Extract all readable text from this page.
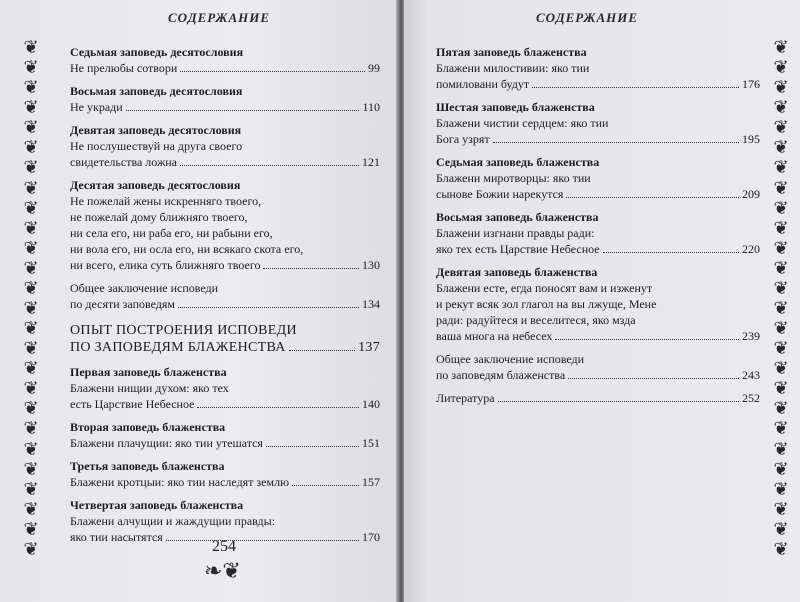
СОДЕРЖАНИЕ
❦
❦
❦
❦
❦
❦
❦
❦
❦
❦
❦
❦
❦
❦
❦
❦
❦
❦
❦
❦
❦
❦
❦
❦
❦
❦
Седьмая заповедь десятословия
Не прелюбы сотвори	99
Восьмая заповедь десятословия
Не укради	110
Девятая заповедь десятословия
Не послушествуй на друга своего
свидетельства ложна	121
Десятая заповедь десятословия
Не пожелай жены искренняго твоего,
не пожелай дому ближняго твоего,
ни села его, ни раба его, ни рабыни его,
ни вола его, ни осла его, ни всякаго скота его,
ни всего, елика суть ближняго твоего	130
Общее заключение исповеди
по десяти заповедям	134
ОПЫТ ПОСТРОЕНИЯ ИСПОВЕДИ
ПО ЗАПОВЕДЯМ БЛАЖЕНСТВА	137
Первая заповедь блаженства
Блажени нищии духом: яко тех
есть Царствие Небесное	140
Вторая заповедь блаженства
Блажени плачущии: яко тии утешатся	151
Третья заповедь блаженства
Блажени кротцыи: яко тии наследят землю	157
Четвертая заповедь блаженства
Блажени алчущии и жаждущии правды:
яко тии насытятся	170
254
❧❦
СОДЕРЖАНИЕ
❦
❦
❦
❦
❦
❦
❦
❦
❦
❦
❦
❦
❦
❦
❦
❦
❦
❦
❦
❦
❦
❦
❦
❦
❦
❦
Пятая заповедь блаженства
Блажени милостивии: яко тии
помиловани будут	176
Шестая заповедь блаженства
Блажени чистии сердцем: яко тии
Бога узрят	195
Седьмая заповедь блаженства
Блажени миротворцы: яко тии
сынове Божии нарекутся	209
Восьмая заповедь блаженства
Блажени изгнани правды ради:
яко тех есть Царствие Небесное	220
Девятая заповедь блаженства
Блажени есте, егда поносят вам и изженут
и рекут всяк зол глагол на вы лжуще, Мене
ради: радуйтеся и веселитеся, яко мзда
ваша многа на небесех	239
Общее заключение исповеди
по заповедям блаженства	243
Литература	252
